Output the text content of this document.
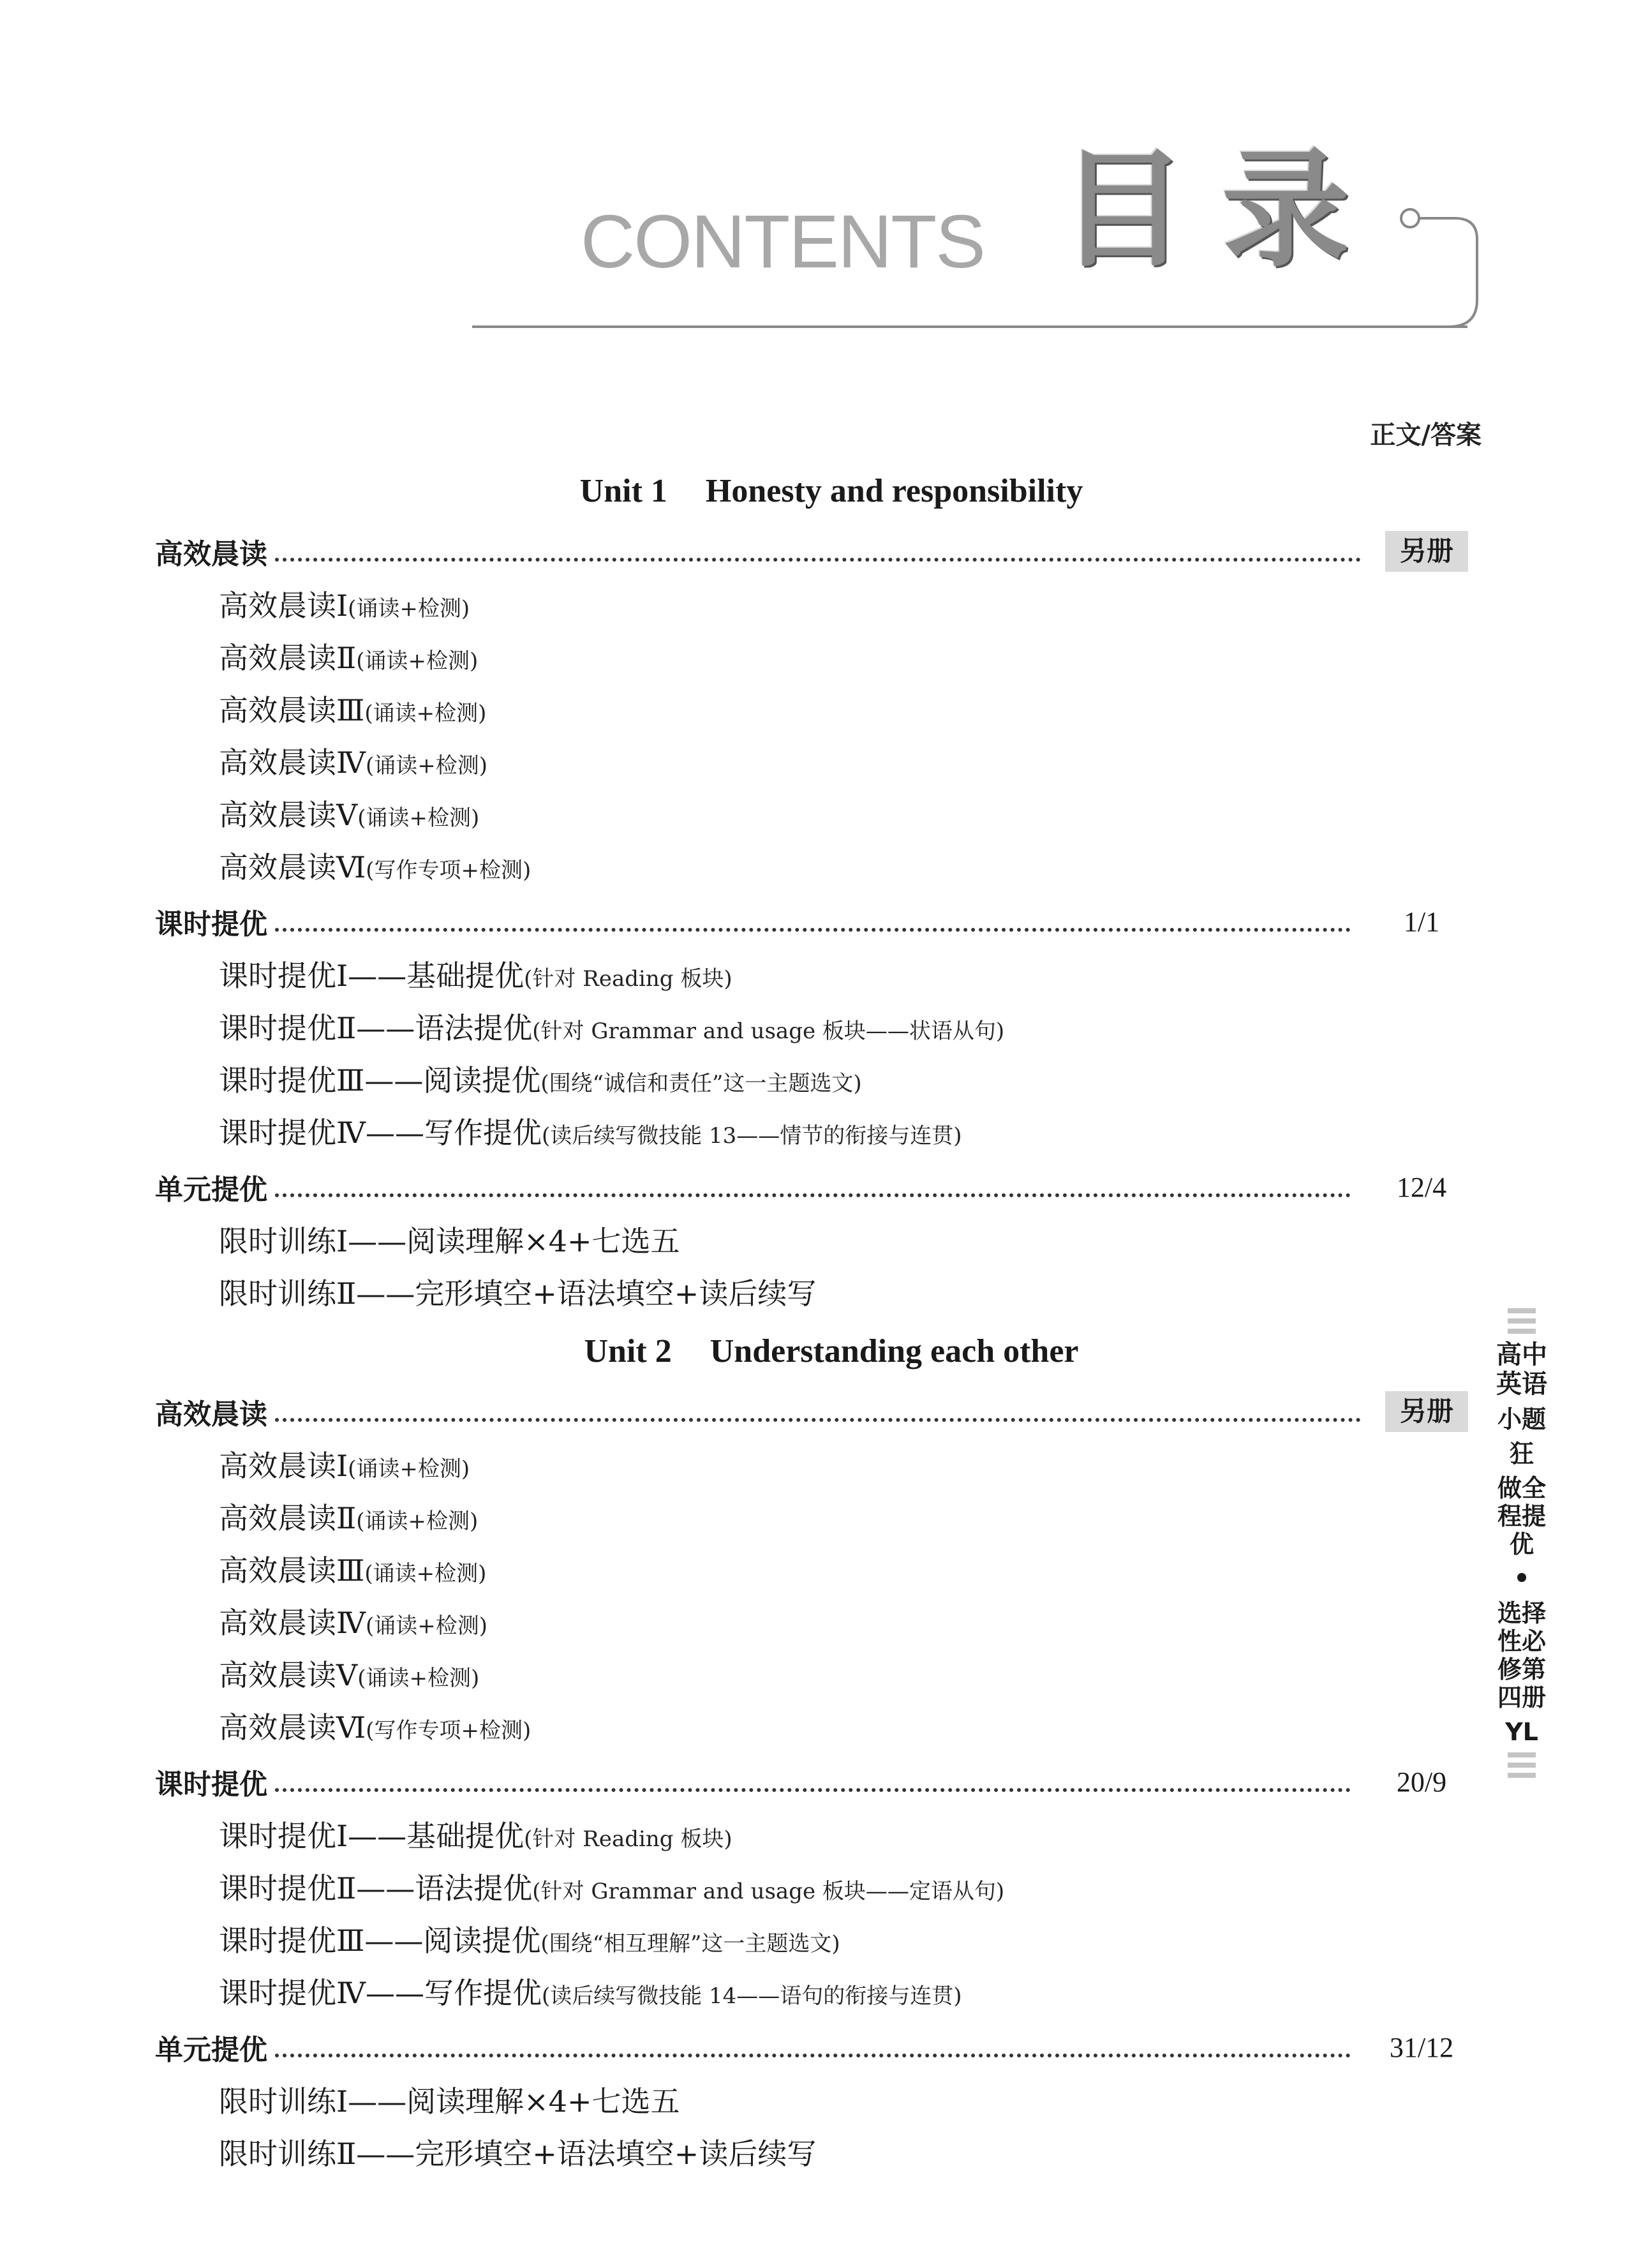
CONTENTS 目 录
正文/答案
Unit 1 Honesty and responsibility
高效晨读	另册
高效晨读Ⅰ(诵读+检测)
高效晨读Ⅱ(诵读+检测)
高效晨读Ⅲ(诵读+检测)
高效晨读Ⅳ(诵读+检测)
高效晨读Ⅴ(诵读+检测)
高效晨读Ⅵ(写作专项+检测)
课时提优	1/1
课时提优Ⅰ——基础提优(针对 Reading 板块)
课时提优Ⅱ——语法提优(针对 Grammar and usage 板块——状语从句)
课时提优Ⅲ——阅读提优(围绕“诚信和责任”这一主题选文)
课时提优Ⅳ——写作提优(读后续写微技能 13——情节的衔接与连贯)
单元提优	12/4
限时训练Ⅰ——阅读理解×4+七选五
限时训练Ⅱ——完形填空+语法填空+读后续写
Unit 2 Understanding each other
高效晨读	另册
高效晨读Ⅰ(诵读+检测)
高效晨读Ⅱ(诵读+检测)
高效晨读Ⅲ(诵读+检测)
高效晨读Ⅳ(诵读+检测)
高效晨读Ⅴ(诵读+检测)
高效晨读Ⅵ(写作专项+检测)
课时提优	20/9
课时提优Ⅰ——基础提优(针对 Reading 板块)
课时提优Ⅱ——语法提优(针对 Grammar and usage 板块——定语从句)
课时提优Ⅲ——阅读提优(围绕“相互理解”这一主题选文)
课时提优Ⅳ——写作提优(读后续写微技能 14——语句的衔接与连贯)
单元提优	31/12
限时训练Ⅰ——阅读理解×4+七选五
限时训练Ⅱ——完形填空+语法填空+读后续写
高中英语
小题
狂
做全程提优
•
选择性必修第四册
YL
